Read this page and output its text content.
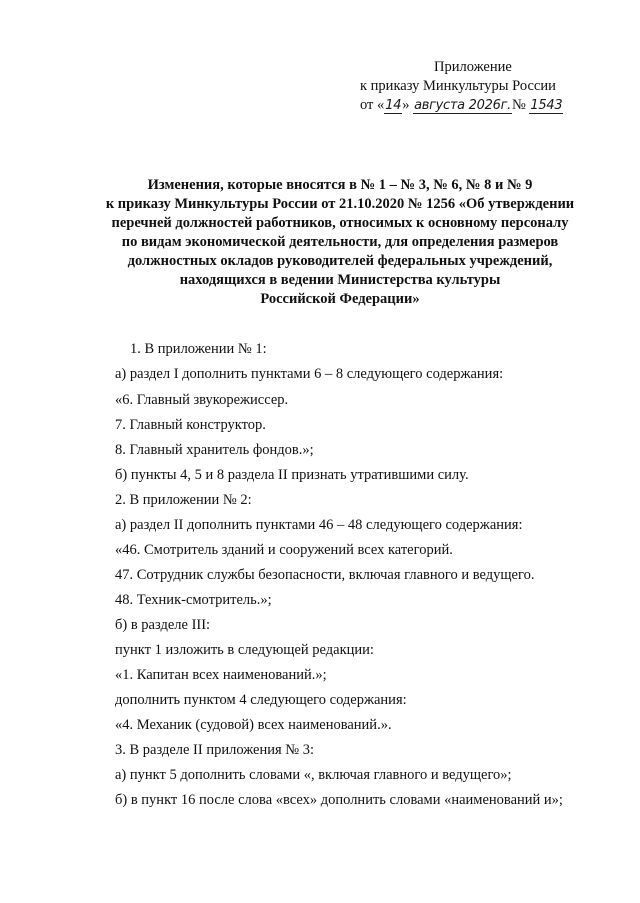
Приложение
к приказу Минкультуры России
от «14» августа 2026г.№ 1543
Изменения, которые вносятся в № 1 – № 3, № 6, № 8 и № 9
к приказу Минкультуры России от 21.10.2020 № 1256 «Об утверждении
перечней должностей работников, относимых к основному персоналу
по видам экономической деятельности, для определения размеров
должностных окладов руководителей федеральных учреждений,
находящихся в ведении Министерства культуры
Российской Федерации»
1. В приложении № 1:
а) раздел I дополнить пунктами 6 – 8 следующего содержания:
«6. Главный звукорежиссер.
7. Главный конструктор.
8. Главный хранитель фондов.»;
б) пункты 4, 5 и 8 раздела II признать утратившими силу.
2. В приложении № 2:
а) раздел II дополнить пунктами 46 – 48 следующего содержания:
«46. Смотритель зданий и сооружений всех категорий.
47. Сотрудник службы безопасности, включая главного и ведущего.
48. Техник-смотритель.»;
б) в разделе III:
пункт 1 изложить в следующей редакции:
«1. Капитан всех наименований.»;
дополнить пунктом 4 следующего содержания:
«4. Механик (судовой) всех наименований.».
3. В разделе II приложения № 3:
а) пункт 5 дополнить словами «, включая главного и ведущего»;
б) в пункт 16 после слова «всех» дополнить словами «наименований и»;
